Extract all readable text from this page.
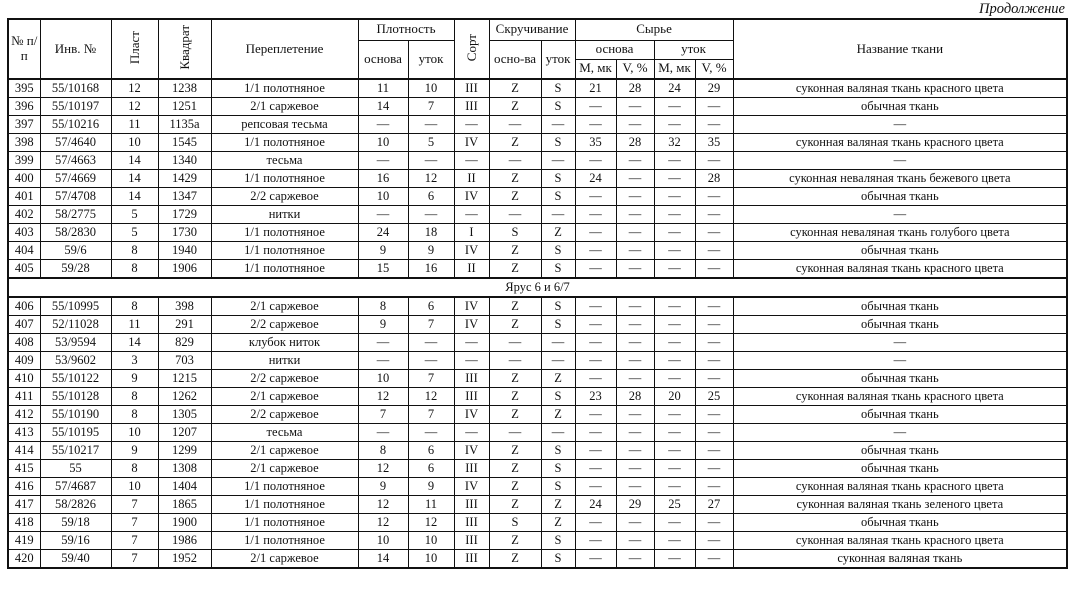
Продолжение
№ п/п	Инв. №	Пласт	Квадрат	Переплетение	Плотность		Сорт	Скручивание		Сырье				Название ткани
					основа	уток		осно-ва	уток	основа		уток		
										М, мк	V, %	М, мк	V, %	
395	55/10168	12	1238	1/1 полотняное	11	10	III	Z	S	21	28	24	29	суконная валяная ткань красного цвета
396	55/10197	12	1251	2/1 саржевое	14	7	III	Z	S	—	—	—	—	обычная ткань
397	55/10216	11	1135а	репсовая тесьма	—	—	—	—	—	—	—	—	—	—
398	57/4640	10	1545	1/1 полотняное	10	5	IV	Z	S	35	28	32	35	суконная валяная ткань красного цвета
399	57/4663	14	1340	тесьма	—	—	—	—	—	—	—	—	—	—
400	57/4669	14	1429	1/1 полотняное	16	12	II	Z	S	24	—	—	28	суконная неваляная ткань бежевого цвета
401	57/4708	14	1347	2/2 саржевое	10	6	IV	Z	S	—	—	—	—	обычная ткань
402	58/2775	5	1729	нитки	—	—	—	—	—	—	—	—	—	—
403	58/2830	5	1730	1/1 полотняное	24	18	I	S	Z	—	—	—	—	суконная неваляная ткань голубого цвета
404	59/6	8	1940	1/1 полотняное	9	9	IV	Z	S	—	—	—	—	обычная ткань
405	59/28	8	1906	1/1 полотняное	15	16	II	Z	S	—	—	—	—	суконная валяная ткань красного цвета
Ярус 6 и 6/7														
406	55/10995	8	398	2/1 саржевое	8	6	IV	Z	S	—	—	—	—	обычная ткань
407	52/11028	11	291	2/2 саржевое	9	7	IV	Z	S	—	—	—	—	обычная ткань
408	53/9594	14	829	клубок ниток	—	—	—	—	—	—	—	—	—	—
409	53/9602	3	703	нитки	—	—	—	—	—	—	—	—	—	—
410	55/10122	9	1215	2/2 саржевое	10	7	III	Z	Z	—	—	—	—	обычная ткань
411	55/10128	8	1262	2/1 саржевое	12	12	III	Z	S	23	28	20	25	суконная валяная ткань красного цвета
412	55/10190	8	1305	2/2 саржевое	7	7	IV	Z	Z	—	—	—	—	обычная ткань
413	55/10195	10	1207	тесьма	—	—	—	—	—	—	—	—	—	—
414	55/10217	9	1299	2/1 саржевое	8	6	IV	Z	S	—	—	—	—	обычная ткань
415	55	8	1308	2/1 саржевое	12	6	III	Z	S	—	—	—	—	обычная ткань
416	57/4687	10	1404	1/1 полотняное	9	9	IV	Z	S	—	—	—	—	суконная валяная ткань красного цвета
417	58/2826	7	1865	1/1 полотняное	12	11	III	Z	Z	24	29	25	27	суконная валяная ткань зеленого цвета
418	59/18	7	1900	1/1 полотняное	12	12	III	S	Z	—	—	—	—	обычная ткань
419	59/16	7	1986	1/1 полотняное	10	10	III	Z	S	—	—	—	—	суконная валяная ткань красного цвета
420	59/40	7	1952	2/1 саржевое	14	10	III	Z	S	—	—	—	—	суконная валяная ткань
